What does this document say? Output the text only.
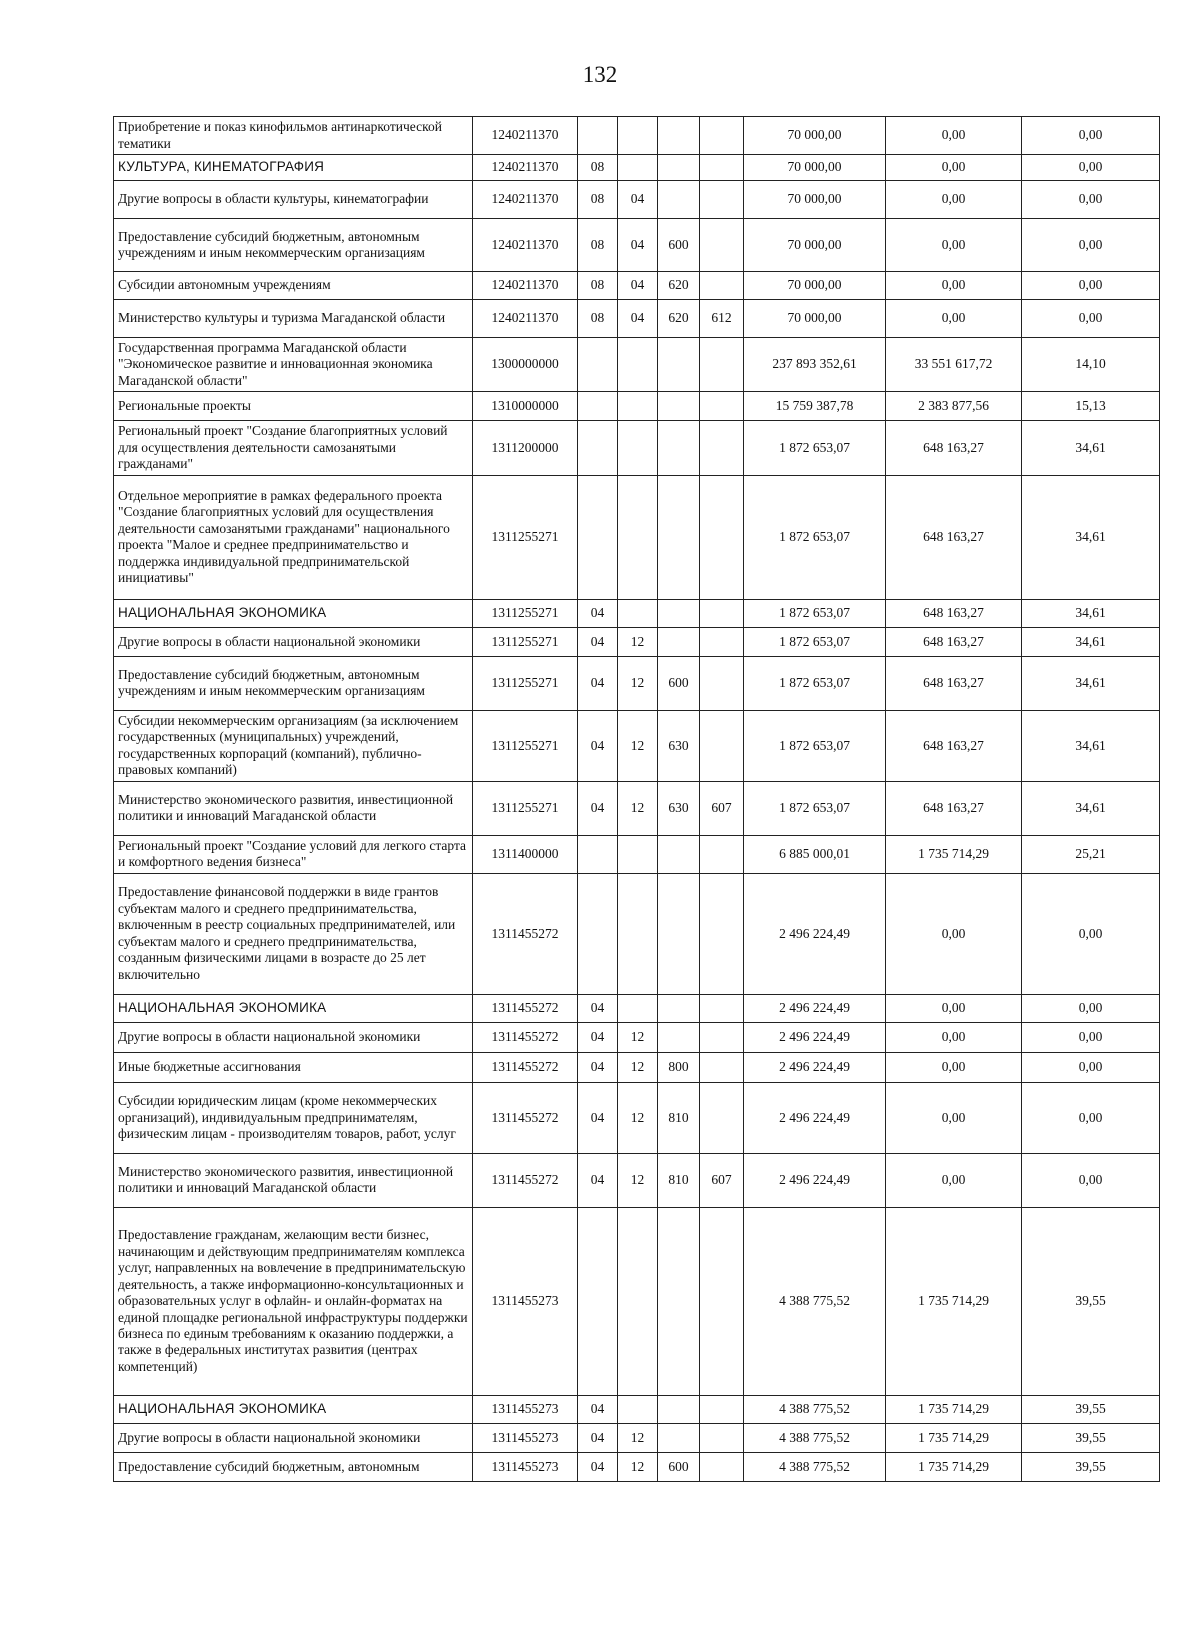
132
Приобретение и показ кинофильмов антинаркотической тематики	1240211370					70 000,00	0,00	0,00
КУЛЬТУРА, КИНЕМАТОГРАФИЯ	1240211370	08				70 000,00	0,00	0,00
Другие вопросы в области культуры, кинематографии	1240211370	08	04			70 000,00	0,00	0,00
Предоставление субсидий бюджетным, автономным учреждениям и иным некоммерческим организациям	1240211370	08	04	600		70 000,00	0,00	0,00
Субсидии автономным учреждениям	1240211370	08	04	620		70 000,00	0,00	0,00
Министерство культуры и туризма Магаданской области	1240211370	08	04	620	612	70 000,00	0,00	0,00
Государственная программа Магаданской области "Экономическое развитие и инновационная экономика Магаданской области"	1300000000					237 893 352,61	33 551 617,72	14,10
Региональные проекты	1310000000					15 759 387,78	2 383 877,56	15,13
Региональный проект "Создание благоприятных условий для осуществления деятельности самозанятыми гражданами"	1311200000					1 872 653,07	648 163,27	34,61
Отдельное мероприятие в рамках федерального проекта "Создание благоприятных условий для осуществления деятельности самозанятыми гражданами" национального проекта "Малое и среднее предпринимательство и поддержка индивидуальной предпринимательской инициативы"	1311255271					1 872 653,07	648 163,27	34,61
НАЦИОНАЛЬНАЯ ЭКОНОМИКА	1311255271	04				1 872 653,07	648 163,27	34,61
Другие вопросы в области национальной экономики	1311255271	04	12			1 872 653,07	648 163,27	34,61
Предоставление субсидий бюджетным, автономным учреждениям и иным некоммерческим организациям	1311255271	04	12	600		1 872 653,07	648 163,27	34,61
Субсидии некоммерческим организациям (за исключением государственных (муниципальных) учреждений, государственных корпораций (компаний), публично-правовых компаний)	1311255271	04	12	630		1 872 653,07	648 163,27	34,61
Министерство экономического развития, инвестиционной политики и инноваций Магаданской области	1311255271	04	12	630	607	1 872 653,07	648 163,27	34,61
Региональный проект "Создание условий для легкого старта и комфортного ведения бизнеса"	1311400000					6 885 000,01	1 735 714,29	25,21
Предоставление финансовой поддержки в виде грантов субъектам малого и среднего предпринимательства, включенным в реестр социальных предпринимателей, или субъектам малого и среднего предпринимательства, созданным физическими лицами в возрасте до 25 лет включительно	1311455272					2 496 224,49	0,00	0,00
НАЦИОНАЛЬНАЯ ЭКОНОМИКА	1311455272	04				2 496 224,49	0,00	0,00
Другие вопросы в области национальной экономики	1311455272	04	12			2 496 224,49	0,00	0,00
Иные бюджетные ассигнования	1311455272	04	12	800		2 496 224,49	0,00	0,00
Субсидии юридическим лицам (кроме некоммерческих организаций), индивидуальным предпринимателям, физическим лицам - производителям товаров, работ, услуг	1311455272	04	12	810		2 496 224,49	0,00	0,00
Министерство экономического развития, инвестиционной политики и инноваций Магаданской области	1311455272	04	12	810	607	2 496 224,49	0,00	0,00
Предоставление гражданам, желающим вести бизнес, начинающим и действующим предпринимателям комплекса услуг, направленных на вовлечение в предпринимательскую деятельность, а также информационно-консультационных и образовательных услуг в офлайн- и онлайн-форматах на единой площадке региональной инфраструктуры поддержки бизнеса по единым требованиям к оказанию поддержки, а также в федеральных институтах развития (центрах компетенций)	1311455273					4 388 775,52	1 735 714,29	39,55
НАЦИОНАЛЬНАЯ ЭКОНОМИКА	1311455273	04				4 388 775,52	1 735 714,29	39,55
Другие вопросы в области национальной экономики	1311455273	04	12			4 388 775,52	1 735 714,29	39,55
Предоставление субсидий бюджетным, автономным	1311455273	04	12	600		4 388 775,52	1 735 714,29	39,55
